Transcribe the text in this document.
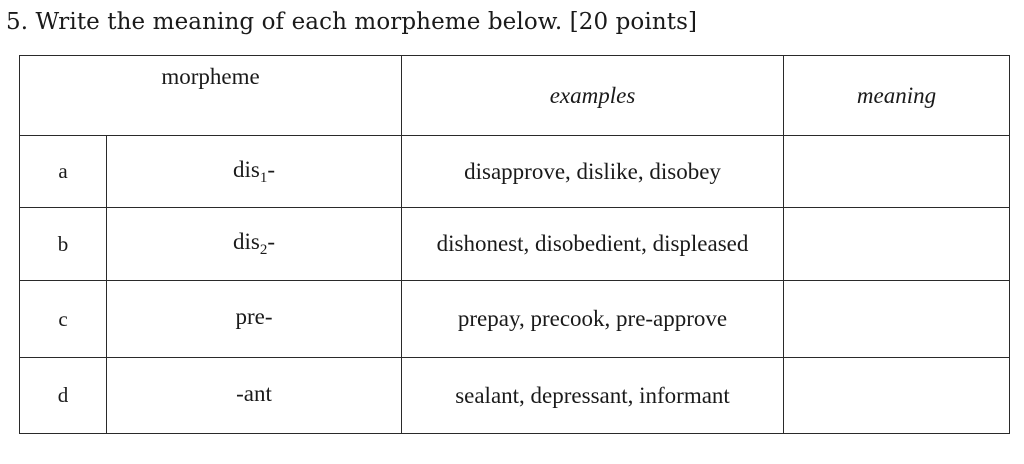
5. Write the meaning of each morpheme below. [20 points]
morpheme		examples	meaning
a	dis$_1$-	disapprove, dislike, disobey	
b	dis$_2$-	dishonest, disobedient, displeased	
c	pre-	prepay, precook, pre-approve	
d	-ant	sealant, depressant, informant	
